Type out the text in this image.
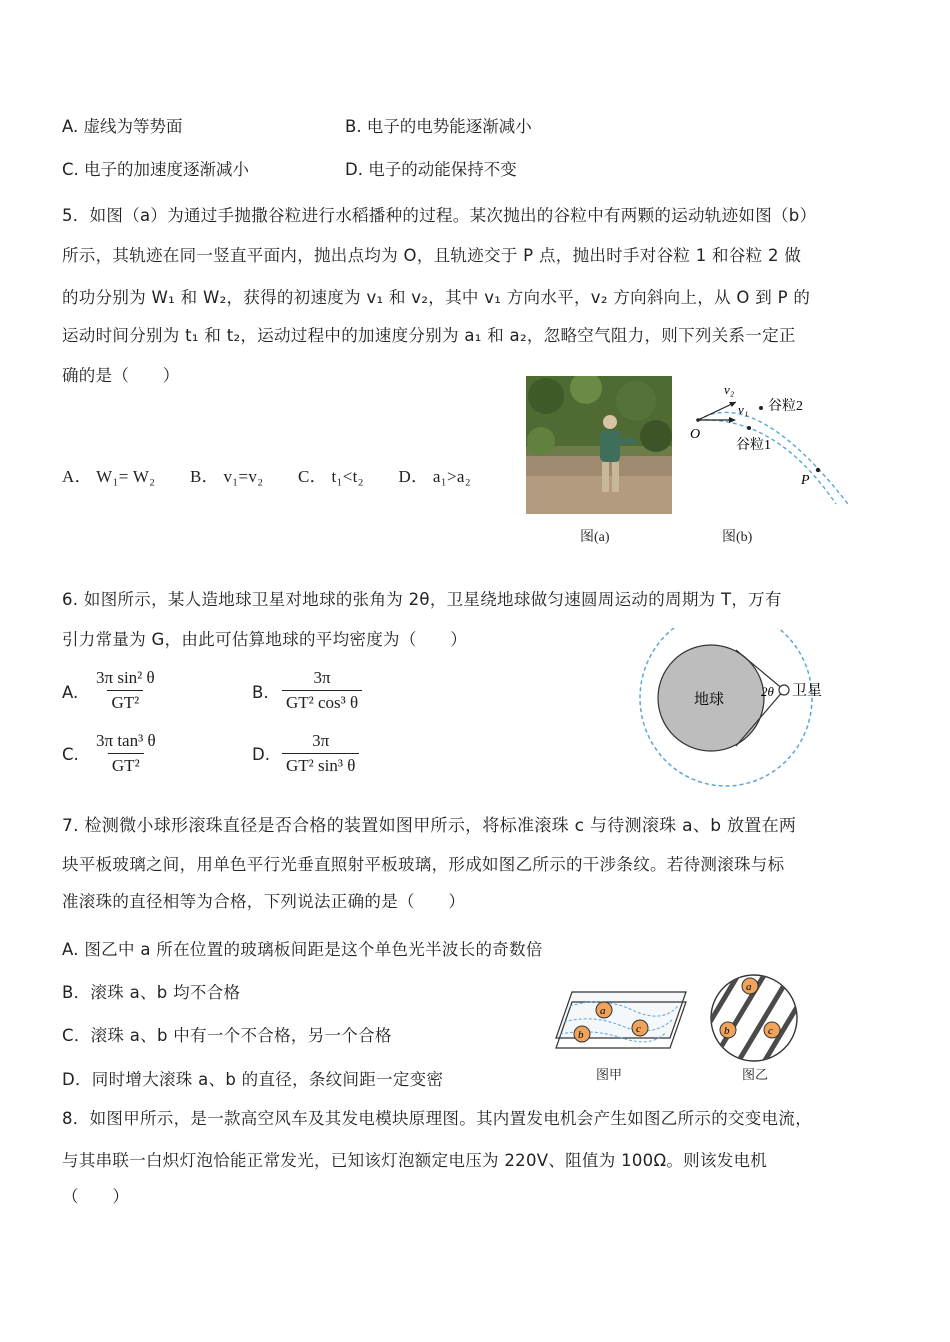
A. 虚线为等势面	B. 电子的电势能逐渐减小
C. 电子的加速度逐渐减小	D. 电子的动能保持不变
5．如图（a）为通过手抛撒谷粒进行水稻播种的过程。某次抛出的谷粒中有两颗的运动轨迹如图（b）
所示，其轨迹在同一竖直平面内，抛出点均为 O，且轨迹交于 P 点，抛出时手对谷粒 1 和谷粒 2 做
的功分别为 W₁ 和 W₂，获得的初速度为 v₁ 和 v₂，其中 v₁ 方向水平，v₂ 方向斜向上，从 O 到 P 的
运动时间分别为 t₁ 和 t₂，运动过程中的加速度分别为 a₁ 和 a₂，忽略空气阻力，则下列关系一定正
确的是（　　）
A． W₁= W₂　　B． v₁=v₂　　C． t₁<t₂　　D． a₁>a₂
图(a)
v₂
v₁ 谷粒2
谷粒1
O
P
图(b)
6. 如图所示，某人造地球卫星对地球的张角为 2θ，卫星绕地球做匀速圆周运动的周期为 T，万有
引力常量为 G，由此可估算地球的平均密度为（　　）
A. $\frac{\text{3π sin² θ}}{\text{GT²}}$	B. $\frac{3\pi}{\text{GT² cos³ θ}}$
C. $\frac{\text{3π tan³ θ}}{\text{GT²}}$	D. $\frac{3\pi}{\text{GT² sin³ θ}}$
地球
2θ 卫星
7. 检测微小球形滚珠直径是否合格的装置如图甲所示，将标准滚珠 c 与待测滚珠 a、b 放置在两
块平板玻璃之间，用单色平行光垂直照射平板玻璃，形成如图乙所示的干涉条纹。若待测滚珠与标
准滚珠的直径相等为合格，下列说法正确的是（　　）
A. 图乙中 a 所在位置的玻璃板间距是这个单色光半波长的奇数倍
B．滚珠 a、b 均不合格
C．滚珠 a、b 中有一个不合格，另一个合格
D．同时增大滚珠 a、b 的直径，条纹间距一定变密
a
c
b
图甲
a
b	c
图乙
8．如图甲所示，是一款高空风车及其发电模块原理图。其内置发电机会产生如图乙所示的交变电流，
与其串联一白炽灯泡恰能正常发光，已知该灯泡额定电压为 220V、阻值为 100Ω。则该发电机
（　　）
